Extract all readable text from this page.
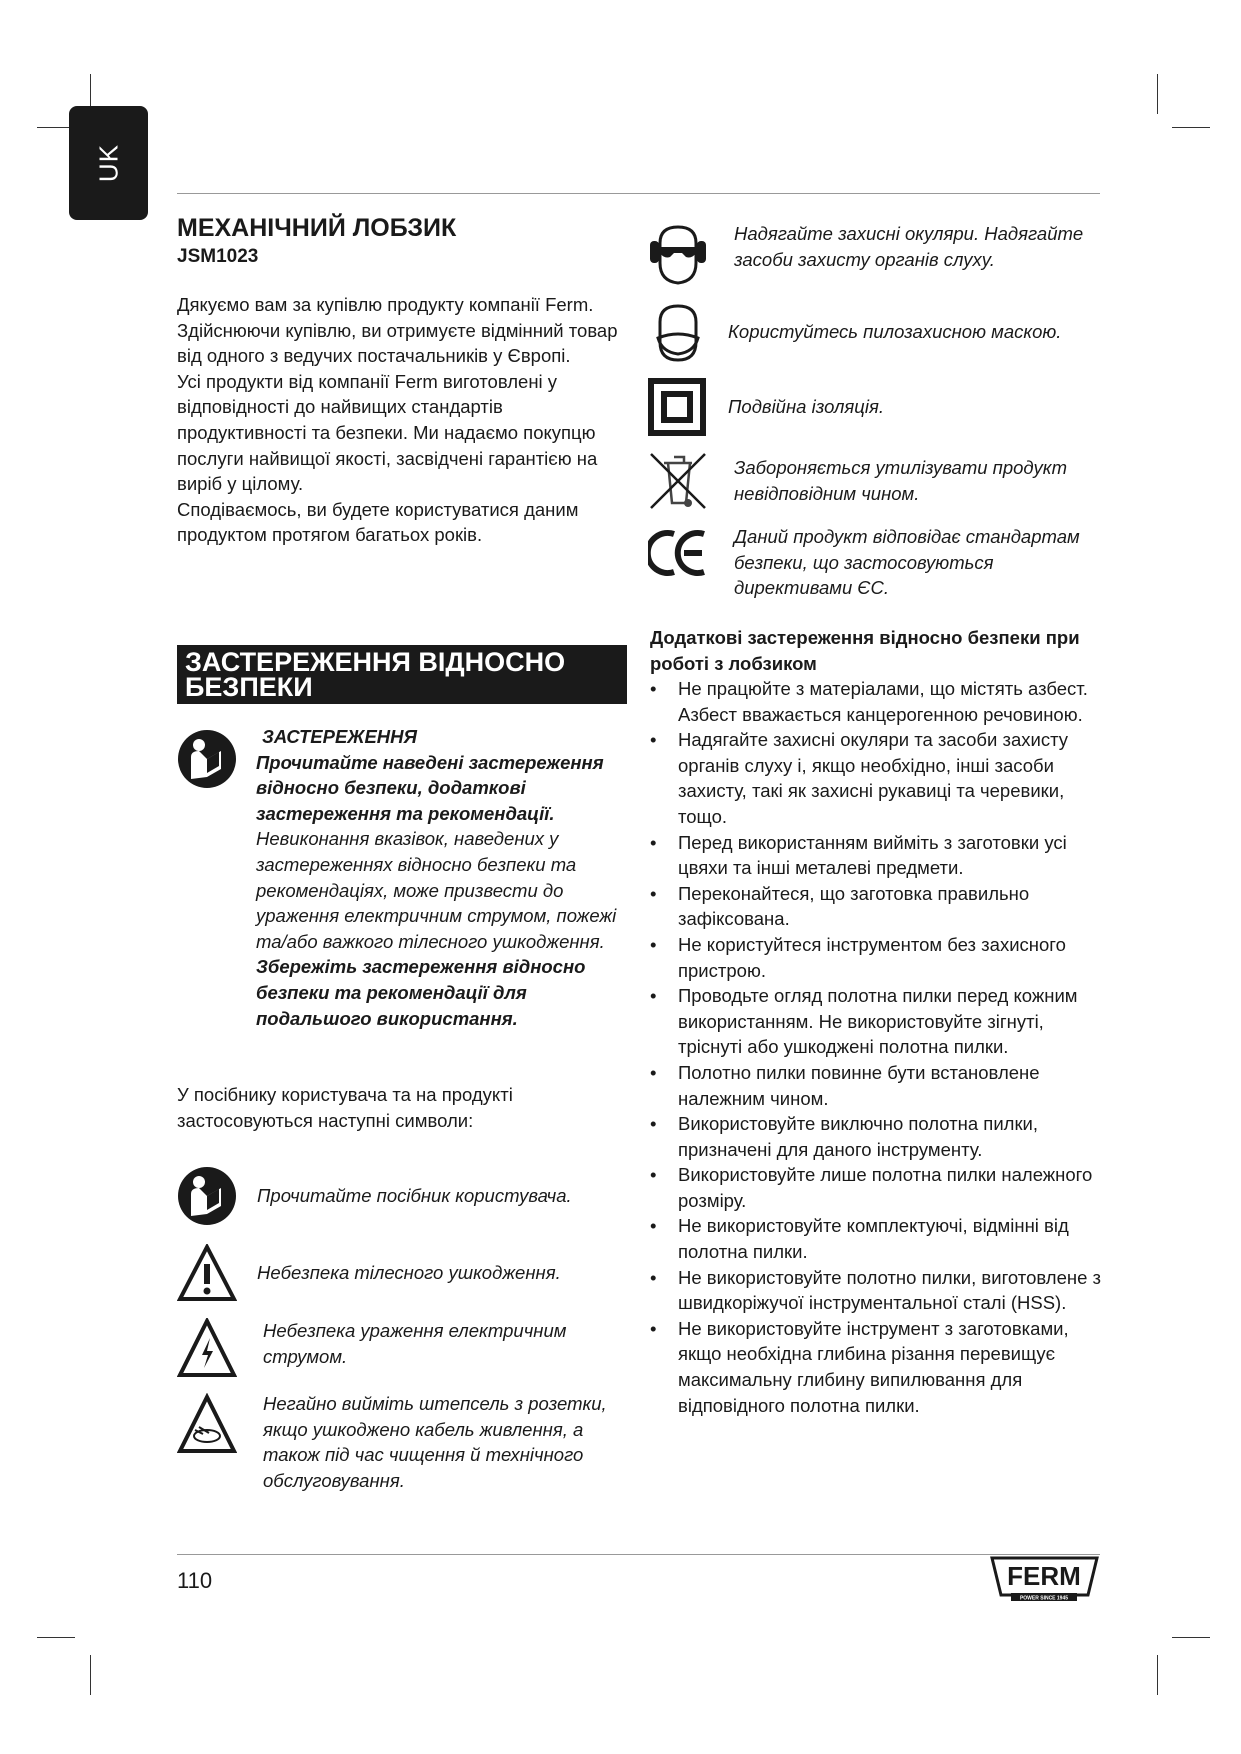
UK
МЕХАНІЧНИЙ ЛОБЗИК
JSM1023

Дякуємо вам за купівлю продукту компанії Ferm.

Здійснюючи купівлю, ви отримуєте відмінний товар від одного з ведучих постачальників у Європі.

Усі продукти від компанії Ferm виготовлені у відповідності до найвищих стандартів продуктивності та безпеки. Ми надаємо покупцю послуги найвищої якості, засвідчені гарантією на виріб у цілому.

Сподіваємось, ви будете користуватися даним продуктом протягом багатьох років.

ЗАСТЕРЕЖЕННЯ ВІДНОСНО БЕЗПЕКИ
ЗАСТЕРЕЖЕННЯ
Прочитайте наведені застереження відносно безпеки, додаткові застереження та рекомендації. Невиконання вказівок, наведених у застереженнях відносно безпеки та рекомендаціях, може призвести до ураження електричним струмом, пожежі та/або важкого тілесного ушкодження. Збережіть застереження відносно безпеки та рекомендації для подальшого використання.
У посібнику користувача та на продукті застосовуються наступні символи:
Прочитайте посібник користувача.
Небезпека тілесного ушкодження.
Небезпека ураження електричним струмом.
Негайно вийміть штепсель з розетки, якщо ушкоджено кабель живлення, а також під час чищення й технічного обслуговування.
Надягайте захисні окуляри. Надягайте засоби захисту органів слуху.
Користуйтесь пилозахисною маскою.
Подвійна ізоляція.
Забороняється утилізувати продукт невідповідним чином.
Даний продукт відповідає стандартам безпеки, що застосовуються директивами ЄС.
Додаткові застереження відносно безпеки при роботі з лобзиком
• Не працюйте з матеріалами, що містять азбест. Азбест вважається канцерогенною речовиною.
• Надягайте захисні окуляри та засоби захисту органів слуху і, якщо необхідно, інші засоби захисту, такі як захисні рукавиці та черевики, тощо.
• Перед використанням вийміть з заготовки усі цвяхи та інші металеві предмети.
• Переконайтеся, що заготовка правильно зафіксована.
• Не користуйтеся інструментом без захисного пристрою.
• Проводьте огляд полотна пилки перед кожним використанням. Не використовуйте зігнуті, тріснуті або ушкоджені полотна пилки.
• Полотно пилки повинне бути встановлене належним чином.
• Використовуйте виключно полотна пилки, призначені для даного інструменту.
• Використовуйте лише полотна пилки належного розміру.
• Не використовуйте комплектуючі, відмінні від полотна пилки.
• Не використовуйте полотно пилки, виготовлене з швидкоріжучої інструментальної сталі (HSS).
• Не використовуйте інструмент з заготовками, якщо необхідна глибина різання перевищує максимальну глибину випилювання для відповідного полотна пилки.
110	FERM
POWER SINCE 1945
